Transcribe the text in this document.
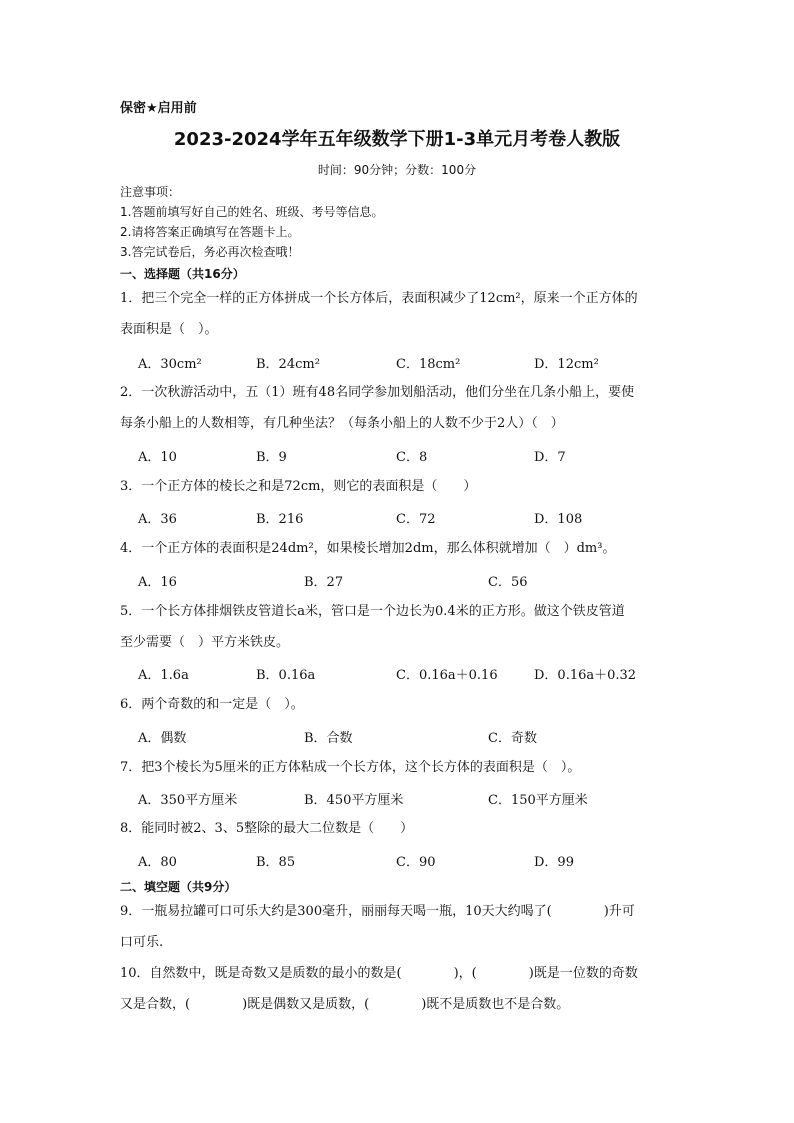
保密★启用前
2023-2024学年五年级数学下册1-3单元月考卷人教版
时间：90分钟；分数：100分
注意事项：
1.答题前填写好自己的姓名、班级、考号等信息。
2.请将答案正确填写在答题卡上。
3.答完试卷后，务必再次检查哦！
一、选择题（共16分）
1．把三个完全一样的正方体拼成一个长方体后，表面积减少了12cm²，原来一个正方体的
表面积是（　）。
A．30cm²	B．24cm²	C．18cm²	D．12cm²
2．一次秋游活动中，五（1）班有48名同学参加划船活动，他们分坐在几条小船上，要使
每条小船上的人数相等，有几种坐法？（每条小船上的人数不少于2人）（　）
A．10	B．9	C．8	D．7
3．一个正方体的棱长之和是72cm，则它的表面积是（　　）
A．36	B．216	C．72	D．108
4．一个正方体的表面积是24dm²，如果棱长增加2dm，那么体积就增加（　）dm³。
A．16	B．27	C．56
5．一个长方体排烟铁皮管道长a米，管口是一个边长为0.4米的正方形。做这个铁皮管道
至少需要（　）平方米铁皮。
A．1.6a	B．0.16a	C．0.16a＋0.16	D．0.16a＋0.32
6．两个奇数的和一定是（　）。
A．偶数	B．合数	C．奇数
7．把3个棱长为5厘米的正方体粘成一个长方体，这个长方体的表面积是（　）。
A．350平方厘米	B．450平方厘米	C．150平方厘米
8．能同时被2、3、5整除的最大二位数是（　　）
A．80	B．85	C．90	D．99
二、填空题（共9分）
9．一瓶易拉罐可口可乐大约是300毫升，丽丽每天喝一瓶，10天大约喝了(　　　　)升可
口可乐.
10．自然数中，既是奇数又是质数的最小的数是(　　　　)，(　　　　)既是一位数的奇数
又是合数，(　　　　)既是偶数又是质数，(　　　　)既不是质数也不是合数。
